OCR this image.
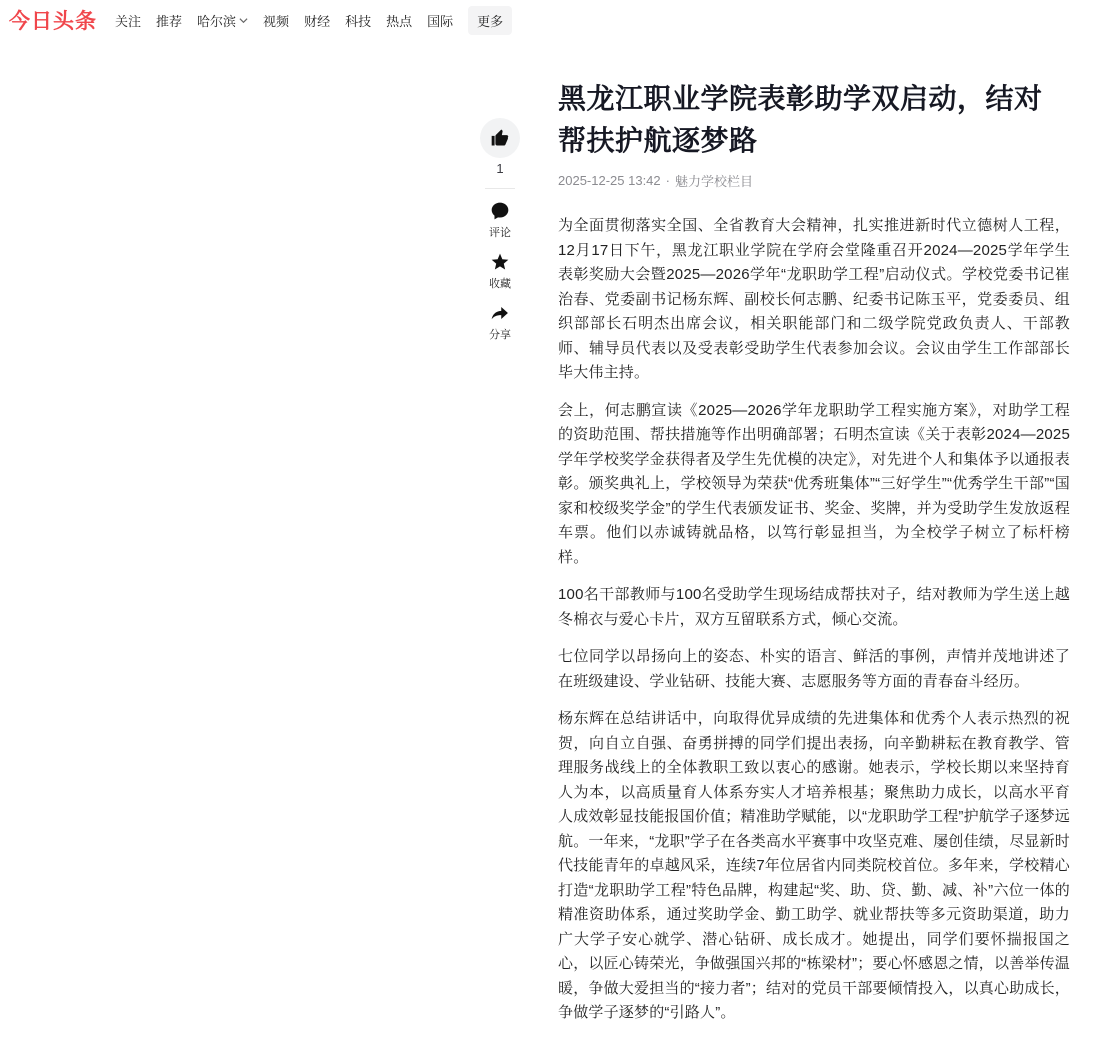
今日头条 关注 推荐 哈尔滨 视频 财经 科技 热点 国际	更多
1
评论
收藏
分享
黑龙江职业学院表彰助学双启动，结对帮扶护航逐梦路
2025-12-25 13:42 · 魅力学校栏目

为全面贯彻落实全国、全省教育大会精神，扎实推进新时代立德树人工程，12月17日下午，黑龙江职业学院在学府会堂隆重召开2024—2025学年学生表彰奖励大会暨2025—2026学年“龙职助学工程”启动仪式。学校党委书记崔治春、党委副书记杨东辉、副校长何志鹏、纪委书记陈玉平，党委委员、组织部部长石明杰出席会议，相关职能部门和二级学院党政负责人、干部教师、辅导员代表以及受表彰受助学生代表参加会议。会议由学生工作部部长毕大伟主持。

会上，何志鹏宣读《2025—2026学年龙职助学工程实施方案》，对助学工程的资助范围、帮扶措施等作出明确部署；石明杰宣读《关于表彰2024—2025学年学校奖学金获得者及学生先优模的决定》，对先进个人和集体予以通报表彰。颁奖典礼上，学校领导为荣获“优秀班集体”“三好学生”“优秀学生干部”“国家和校级奖学金”的学生代表颁发证书、奖金、奖牌，并为受助学生发放返程车票。他们以赤诚铸就品格，以笃行彰显担当，为全校学子树立了标杆榜样。

100名干部教师与100名受助学生现场结成帮扶对子，结对教师为学生送上越冬棉衣与爱心卡片，双方互留联系方式，倾心交流。

七位同学以昂扬向上的姿态、朴实的语言、鲜活的事例，声情并茂地讲述了在班级建设、学业钻研、技能大赛、志愿服务等方面的青春奋斗经历。

杨东辉在总结讲话中，向取得优异成绩的先进集体和优秀个人表示热烈的祝贺，向自立自强、奋勇拼搏的同学们提出表扬，向辛勤耕耘在教育教学、管理服务战线上的全体教职工致以衷心的感谢。她表示，学校长期以来坚持育人为本，以高质量育人体系夯实人才培养根基；聚焦助力成长，以高水平育人成效彰显技能报国价值；精准助学赋能，以“龙职助学工程”护航学子逐梦远航。一年来，“龙职”学子在各类高水平赛事中攻坚克难、屡创佳绩，尽显新时代技能青年的卓越风采，连续7年位居省内同类院校首位。多年来，学校精心打造“龙职助学工程”特色品牌，构建起“奖、助、贷、勤、减、补”六位一体的精准资助体系，通过奖助学金、勤工助学、就业帮扶等多元资助渠道，助力广大学子安心就学、潜心钻研、成长成才。她提出，同学们要怀揣报国之心，以匠心铸荣光，争做强国兴邦的“栋梁材”；要心怀感恩之情，以善举传温暖，争做大爱担当的“接力者”；结对的党员干部要倾情投入，以真心助成长，争做学子逐梦的“引路人”。
